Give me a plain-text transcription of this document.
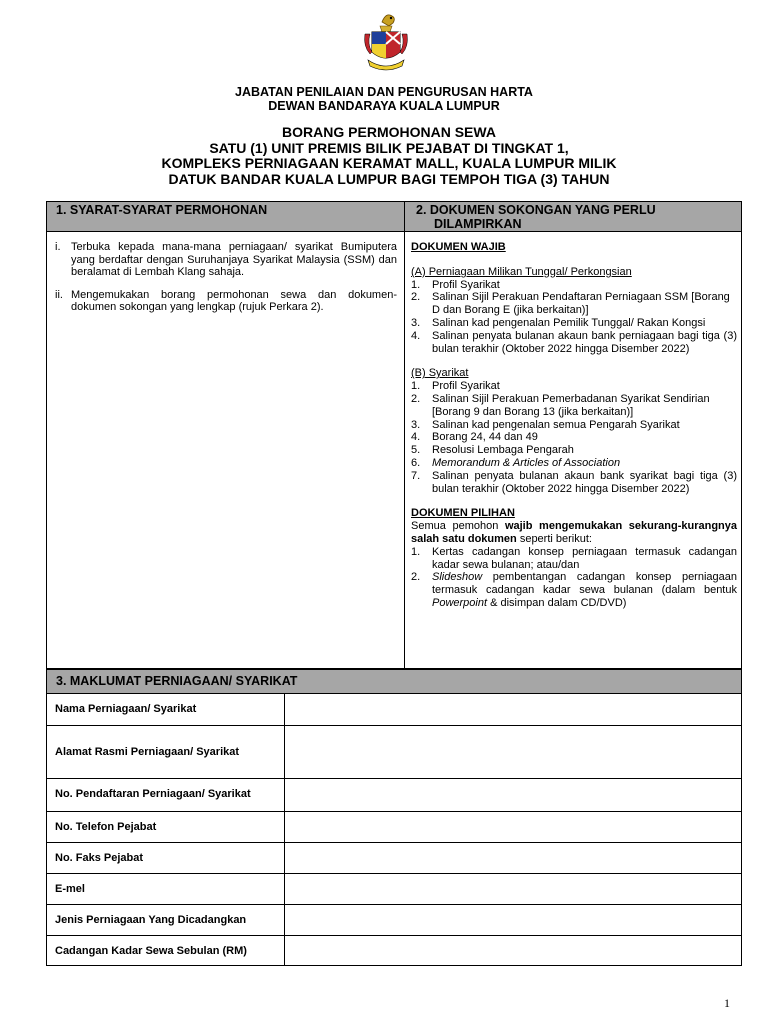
JABATAN PENILAIAN DAN PENGURUSAN HARTA
DEWAN BANDARAYA KUALA LUMPUR
BORANG PERMOHONAN SEWA
SATU (1) UNIT PREMIS BILIK PEJABAT DI TINGKAT 1,
KOMPLEKS PERNIAGAAN KERAMAT MALL, KUALA LUMPUR MILIK
DATUK BANDAR KUALA LUMPUR BAGI TEMPOH TIGA (3) TAHUN
1. SYARAT-SYARAT PERMOHONAN	2. DOKUMEN SOKONGAN YANG PERLU
DILAMPIRKAN
i. Terbuka kepada mana-mana perniagaan/ syarikat Bumiputera yang berdaftar dengan Suruhanjaya Syarikat Malaysia (SSM) dan beralamat di Lembah Klang sahaja.
ii. Mengemukakan borang permohonan sewa dan dokumen-dokumen sokongan yang lengkap (rujuk Perkara 2).
DOKUMEN WAJIB
(A) Perniagaan Milikan Tunggal/ Perkongsian
1. Profil Syarikat
2. Salinan Sijil Perakuan Pendaftaran Perniagaan SSM [Borang D dan Borang E (jika berkaitan)]
3. Salinan kad pengenalan Pemilik Tunggal/ Rakan Kongsi
4. Salinan penyata bulanan akaun bank perniagaan bagi tiga (3) bulan terakhir (Oktober 2022 hingga Disember 2022)
(B) Syarikat
1. Profil Syarikat
2. Salinan Sijil Perakuan Pemerbadanan Syarikat Sendirian [Borang 9 dan Borang 13 (jika berkaitan)]
3. Salinan kad pengenalan semua Pengarah Syarikat
4. Borang 24, 44 dan 49
5. Resolusi Lembaga Pengarah
6. Memorandum & Articles of Association
7. Salinan penyata bulanan akaun bank syarikat bagi tiga (3) bulan terakhir (Oktober 2022 hingga Disember 2022)
DOKUMEN PILIHAN
Semua pemohon wajib mengemukakan sekurang-kurangnya salah satu dokumen seperti berikut:
1. Kertas cadangan konsep perniagaan termasuk cadangan kadar sewa bulanan; atau/dan
2. Slideshow pembentangan cadangan konsep perniagaan termasuk cadangan kadar sewa bulanan (dalam bentuk Powerpoint & disimpan dalam CD/DVD)
3. MAKLUMAT PERNIAGAAN/ SYARIKAT
Nama Perniagaan/ Syarikat
Alamat Rasmi Perniagaan/ Syarikat
No. Pendaftaran Perniagaan/ Syarikat
No. Telefon Pejabat
No. Faks Pejabat
E-mel
Jenis Perniagaan Yang Dicadangkan
Cadangan Kadar Sewa Sebulan (RM)
1
